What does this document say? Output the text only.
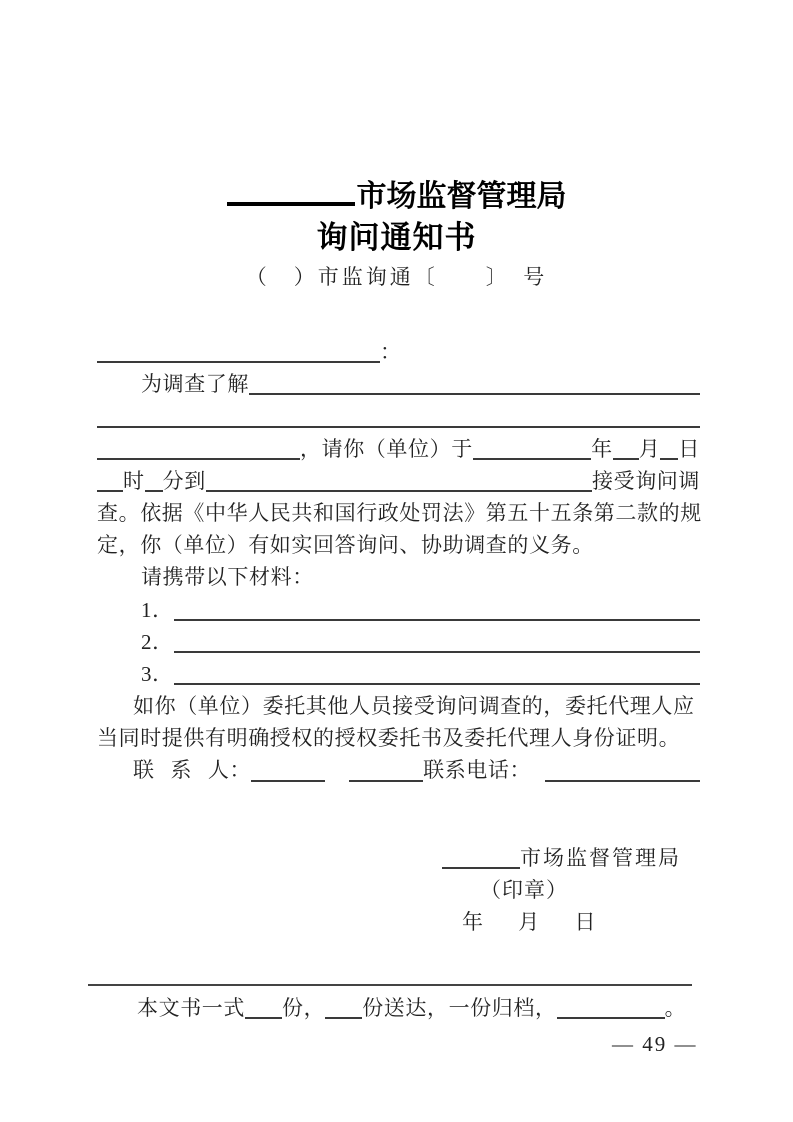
市场监督管理局
询问通知书
（　）市监询通〔　　〕　号
：
为调查了解
，请你（单位）于	年 月 日
时 分到	接受询问调
查。依据《中华人民共和国行政处罚法》第五十五条第二款的规
定，你（单位）有如实回答询问、协助调查的义务。
请携带以下材料：
1．
2．
3．
如你（单位）委托其他人员接受询问调查的，委托代理人应
当同时提供有明确授权的授权委托书及委托代理人身份证明。
联 系 人：	联系电话：
市场监督管理局
（印章）
年 月 日
本文书一式 份， 份送达，一份归档，	。
— 49 —
